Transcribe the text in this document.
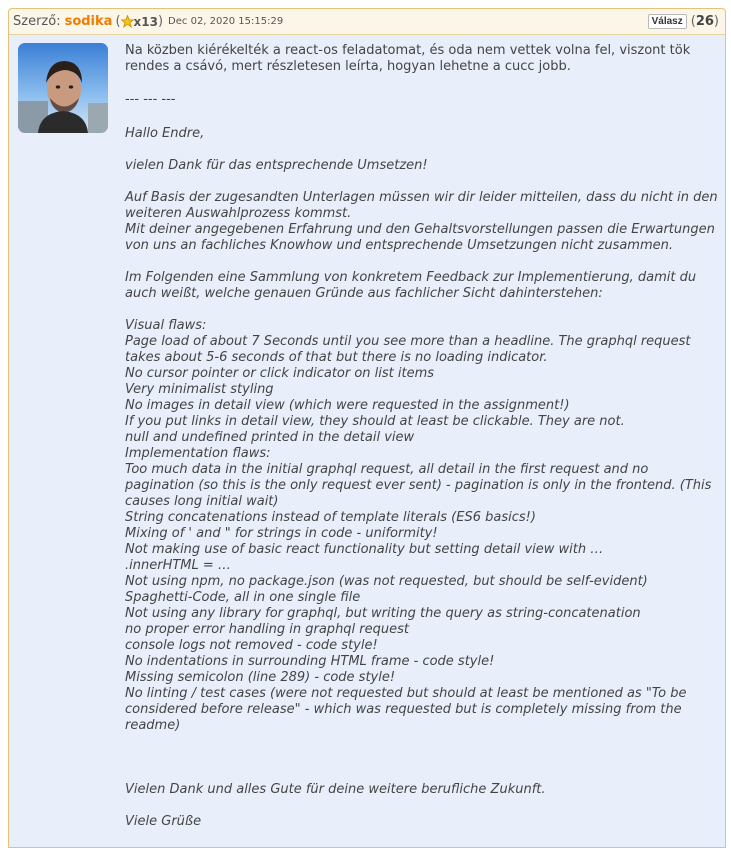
Szerző: sodika ( x13 ) Dec 02, 2020 15:15:29	Válasz (26)

Na közben kiérékelték a react-os feladatomat, és oda nem vettek volna fel, viszont tök rendes a csávó, mert részletesen leírta, hogyan lehetne a cucc jobb.

--- --- ---

Hallo Endre,

vielen Dank für das entsprechende Umsetzen!

Auf Basis der zugesandten Unterlagen müssen wir dir leider mitteilen, dass du nicht in den weiteren Auswahlprozess kommst.
Mit deiner angegebenen Erfahrung und den Gehaltsvorstellungen passen die Erwartungen von uns an fachliches Knowhow und entsprechende Umsetzungen nicht zusammen.

Im Folgenden eine Sammlung von konkretem Feedback zur Implementierung, damit du auch weißt, welche genauen Gründe aus fachlicher Sicht dahinterstehen:

Visual flaws:
Page load of about 7 Seconds until you see more than a headline. The graphql request takes about 5-6 seconds of that but there is no loading indicator.
No cursor pointer or click indicator on list items
Very minimalist styling
No images in detail view (which were requested in the assignment!)
If you put links in detail view, they should at least be clickable. They are not.
null and undefined printed in the detail view
Implementation flaws:
Too much data in the initial graphql request, all detail in the first request and no pagination (so this is the only request ever sent) - pagination is only in the frontend. (This causes long initial wait)
String concatenations instead of template literals (ES6 basics!)
Mixing of ' and " for strings in code - uniformity!
Not making use of basic react functionality but setting detail view with …
.innerHTML = …
Not using npm, no package.json (was not requested, but should be self-evident)
Spaghetti-Code, all in one single file
Not using any library for graphql, but writing the query as string-concatenation
no proper error handling in graphql request
console logs not removed - code style!
No indentations in surrounding HTML frame - code style!
Missing semicolon (line 289) - code style!
No linting / test cases (were not requested but should at least be mentioned as "To be considered before release" - which was requested but is completely missing from the readme)

Vielen Dank und alles Gute für deine weitere berufliche Zukunft.

Viele Grüße
